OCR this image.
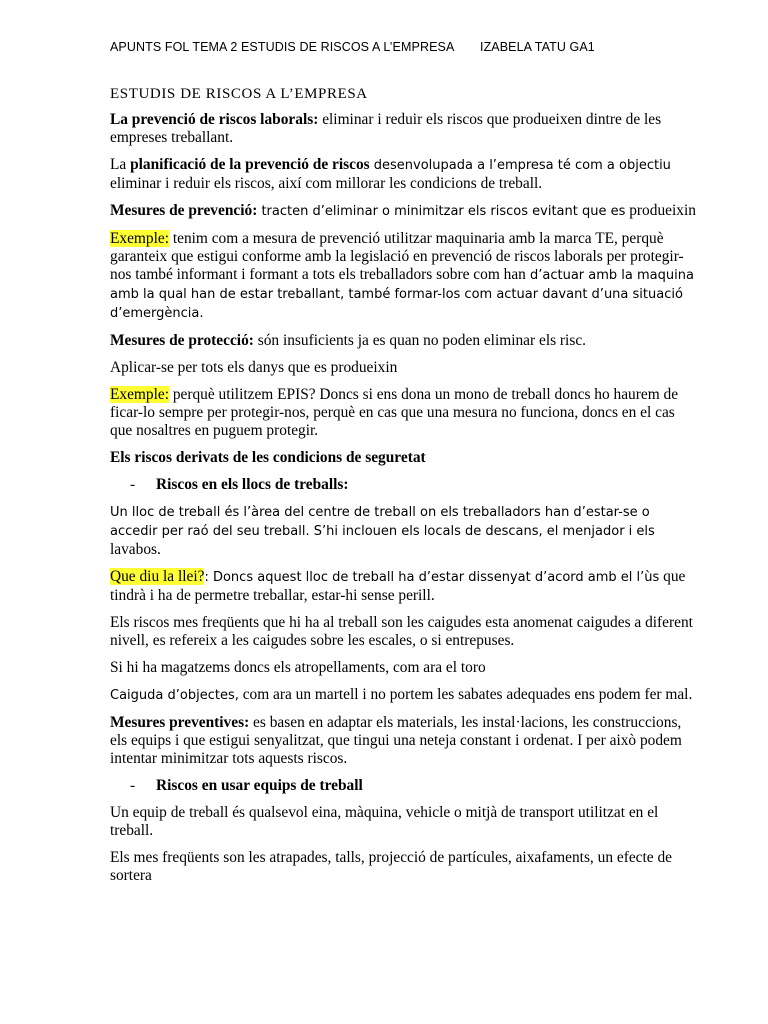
APUNTS FOL TEMA 2 ESTUDIS DE RISCOS A L’EMPRESA	IZABELA TATU GA1
ESTUDIS DE RISCOS A L’EMPRESA

La prevenció de riscos laborals: eliminar i reduir els riscos que produeixen dintre de les empreses treballant.

La planificació de la prevenció de riscos desenvolupada a l’empresa té com a objectiu eliminar i reduir els riscos, així com millorar les condicions de treball.

Mesures de prevenció: tracten d’eliminar o minimitzar els riscos evitant que es produeixin

Exemple: tenim com a mesura de prevenció utilitzar maquinaria amb la marca TE, perquè garanteix que estigui conforme amb la legislació en prevenció de riscos laborals per protegir-nos també informant i formant a tots els treballadors sobre com han d’actuar amb la maquina amb la qual han de estar treballant, també formar-los com actuar davant d’una situació d’emergència.

Mesures de protecció: són insuficients ja es quan no poden eliminar els risc.

Aplicar-se per tots els danys que es produeixin

Exemple: perquè utilitzem EPIS? Doncs si ens dona un mono de treball doncs ho haurem de ficar-lo sempre per protegir-nos, perquè en cas que una mesura no funciona, doncs en el cas que nosaltres en puguem protegir.

Els riscos derivats de les condicions de seguretat

-	Riscos en els llocs de treballs:

Un lloc de treball és l’àrea del centre de treball on els treballadors han d’estar-se o accedir per raó del seu treball. S’hi inclouen els locals de descans, el menjador i els lavabos.

Que diu la llei?: Doncs aquest lloc de treball ha d’estar dissenyat d’acord amb el l’ùs que tindrà i ha de permetre treballar, estar-hi sense perill.

Els riscos mes freqüents que hi ha al treball son les caigudes esta anomenat caigudes a diferent nivell, es refereix a les caigudes sobre les escales, o si entrepuses.

Si hi ha magatzems doncs els atropellaments, com ara el toro

Caiguda d’objectes, com ara un martell i no portem les sabates adequades ens podem fer mal.

Mesures preventives: es basen en adaptar els materials, les instal·lacions, les construccions, els equips i que estigui senyalitzat, que tingui una neteja constant i ordenat. I per això podem intentar minimitzar tots aquests riscos.

-	Riscos en usar equips de treball

Un equip de treball és qualsevol eina, màquina, vehicle o mitjà de transport utilitzat en el treball.

Els mes freqüents son les atrapades, talls, projecció de partícules, aixafaments, un efecte de sortera
